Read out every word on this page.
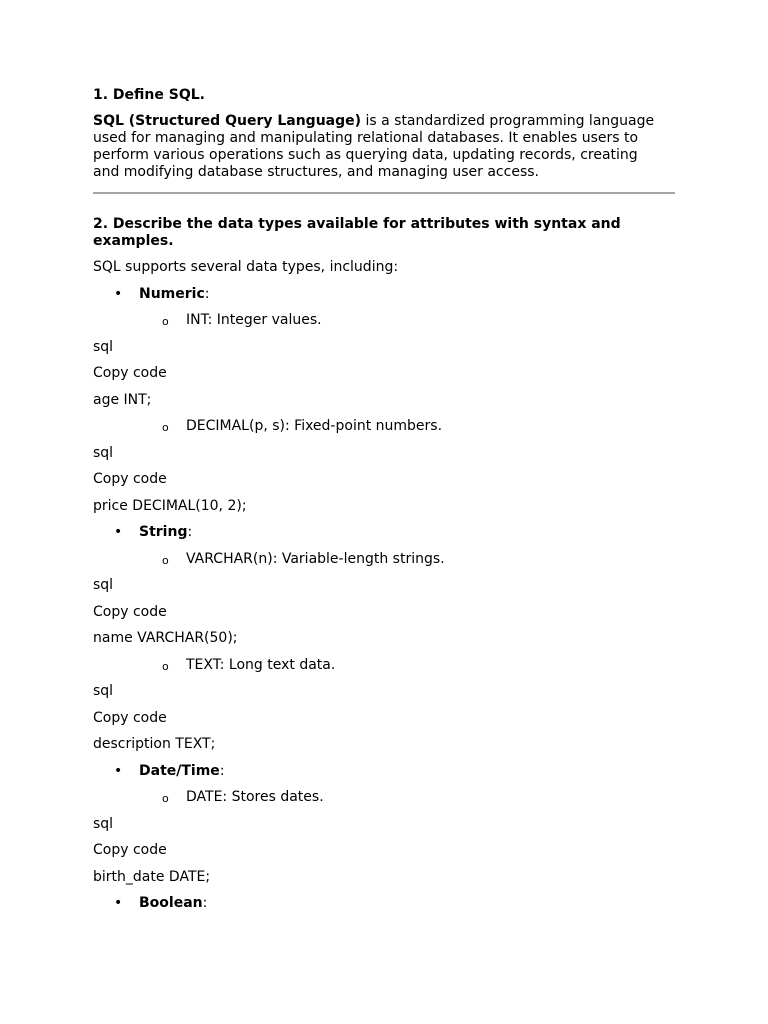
1. Define SQL.

SQL (Structured Query Language) is a standardized programming language
used for managing and manipulating relational databases. It enables users to
perform various operations such as querying data, updating records, creating
and modifying database structures, and managing user access.

2. Describe the data types available for attributes with syntax and
examples.

SQL supports several data types, including:

• Numeric:
o INT: Integer values.

sql

Copy code

age INT;

o DECIMAL(p, s): Fixed-point numbers.

sql

Copy code

price DECIMAL(10, 2);

• String:
o VARCHAR(n): Variable-length strings.

sql

Copy code

name VARCHAR(50);

o TEXT: Long text data.

sql

Copy code

description TEXT;

• Date/Time:
o DATE: Stores dates.

sql

Copy code

birth_date DATE;

• Boolean:
